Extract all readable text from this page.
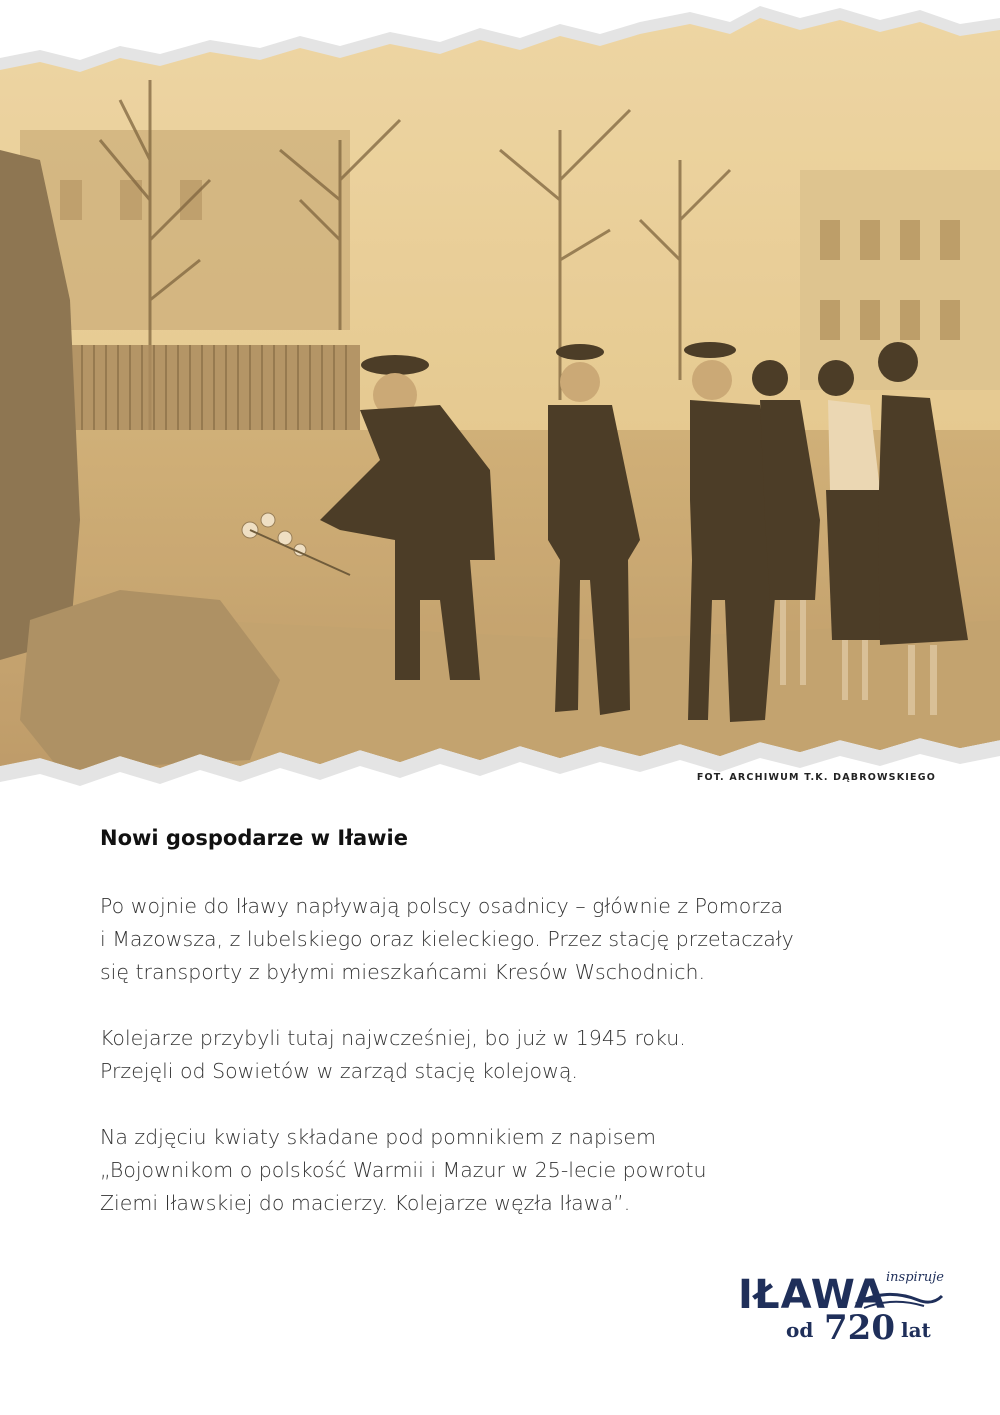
FOT. ARCHIWUM T.K. DĄBROWSKIEGO
Nowi gospodarze w Iławie

Po wojnie do Iławy napływają polscy osadnicy – głównie z Pomorza
i Mazowsza, z lubelskiego oraz kieleckiego. Przez stację przetaczały
się transporty z byłymi mieszkańcami Kresów Wschodnich.

Kolejarze przybyli tutaj najwcześniej, bo już w 1945 roku.
Przejęli od Sowietów w zarząd stację kolejową.

Na zdjęciu kwiaty składane pod pomnikiem z napisem
„Bojownikom o polskość Warmii i Mazur w 25-lecie powrotu
Ziemi Iławskiej do macierzy. Kolejarze węzła Iława”.

IŁAWA inspiruje
od 720 lat
